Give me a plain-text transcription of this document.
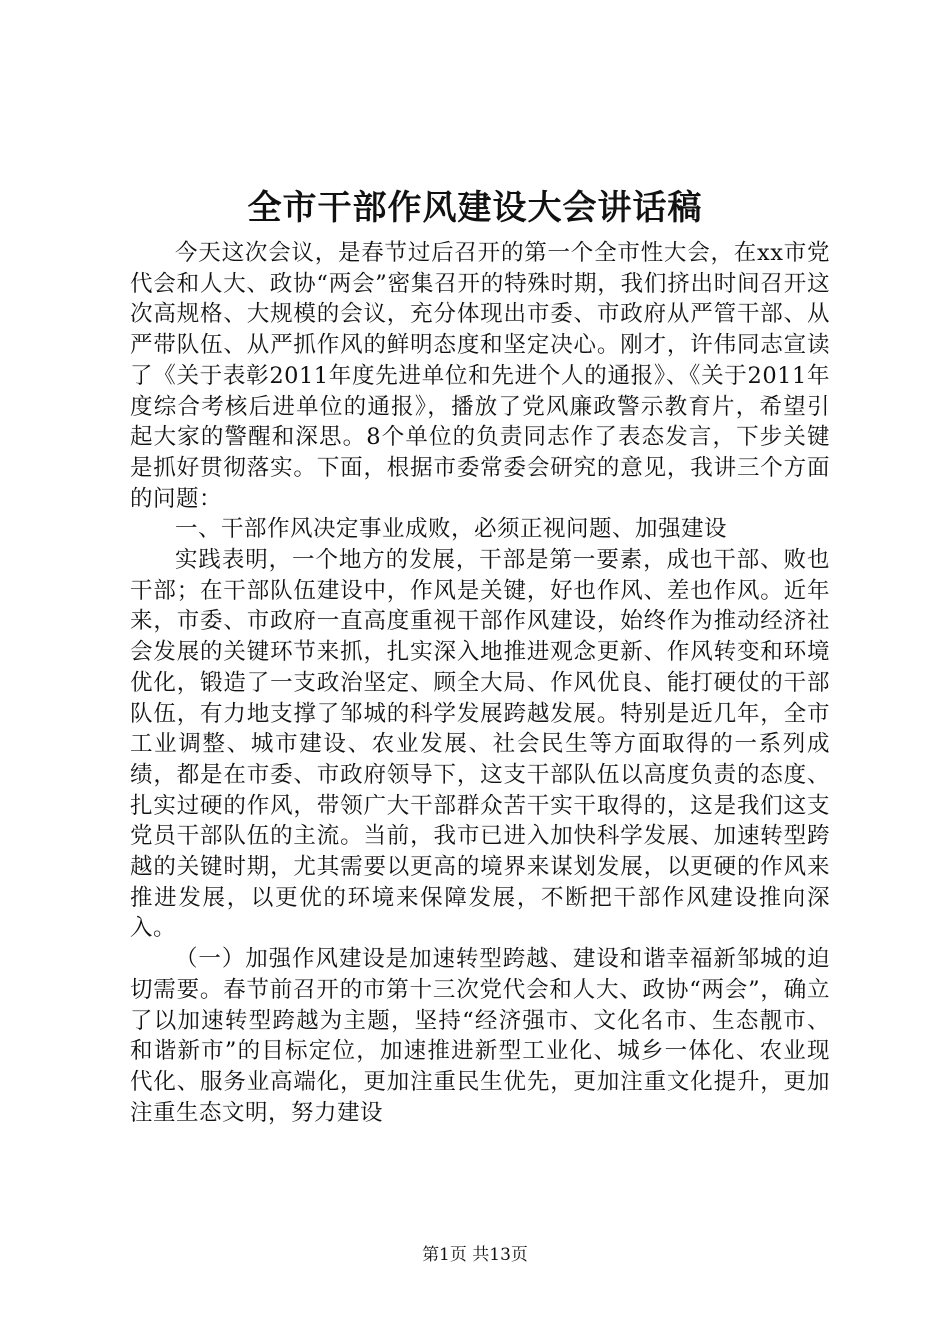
全市干部作风建设大会讲话稿

今天这次会议，是春节过后召开的第一个全市性大会，在xx市党代会和人大、政协“两会”密集召开的特殊时期，我们挤出时间召开这次高规格、大规模的会议，充分体现出市委、市政府从严管干部、从严带队伍、从严抓作风的鲜明态度和坚定决心。刚才，许伟同志宣读了《关于表彰2011年度先进单位和先进个人的通报》、《关于2011年度综合考核后进单位的通报》，播放了党风廉政警示教育片，希望引起大家的警醒和深思。8个单位的负责同志作了表态发言，下步关键是抓好贯彻落实。下面，根据市委常委会研究的意见，我讲三个方面的问题：

一、干部作风决定事业成败，必须正视问题、加强建设

实践表明，一个地方的发展，干部是第一要素，成也干部、败也干部；在干部队伍建设中，作风是关键，好也作风、差也作风。近年来，市委、市政府一直高度重视干部作风建设，始终作为推动经济社会发展的关键环节来抓，扎实深入地推进观念更新、作风转变和环境优化，锻造了一支政治坚定、顾全大局、作风优良、能打硬仗的干部队伍，有力地支撑了邹城的科学发展跨越发展。特别是近几年，全市工业调整、城市建设、农业发展、社会民生等方面取得的一系列成绩，都是在市委、市政府领导下，这支干部队伍以高度负责的态度、扎实过硬的作风，带领广大干部群众苦干实干取得的，这是我们这支党员干部队伍的主流。当前，我市已进入加快科学发展、加速转型跨越的关键时期，尤其需要以更高的境界来谋划发展，以更硬的作风来推进发展，以更优的环境来保障发展，不断把干部作风建设推向深入。

（一）加强作风建设是加速转型跨越、建设和谐幸福新邹城的迫切需要。春节前召开的市第十三次党代会和人大、政协“两会”，确立了以加速转型跨越为主题，坚持“经济强市、文化名市、生态靓市、和谐新市”的目标定位，加速推进新型工业化、城乡一体化、农业现代化、服务业高端化，更加注重民生优先，更加注重文化提升，更加注重生态文明，努力建设

第1页 共13页
